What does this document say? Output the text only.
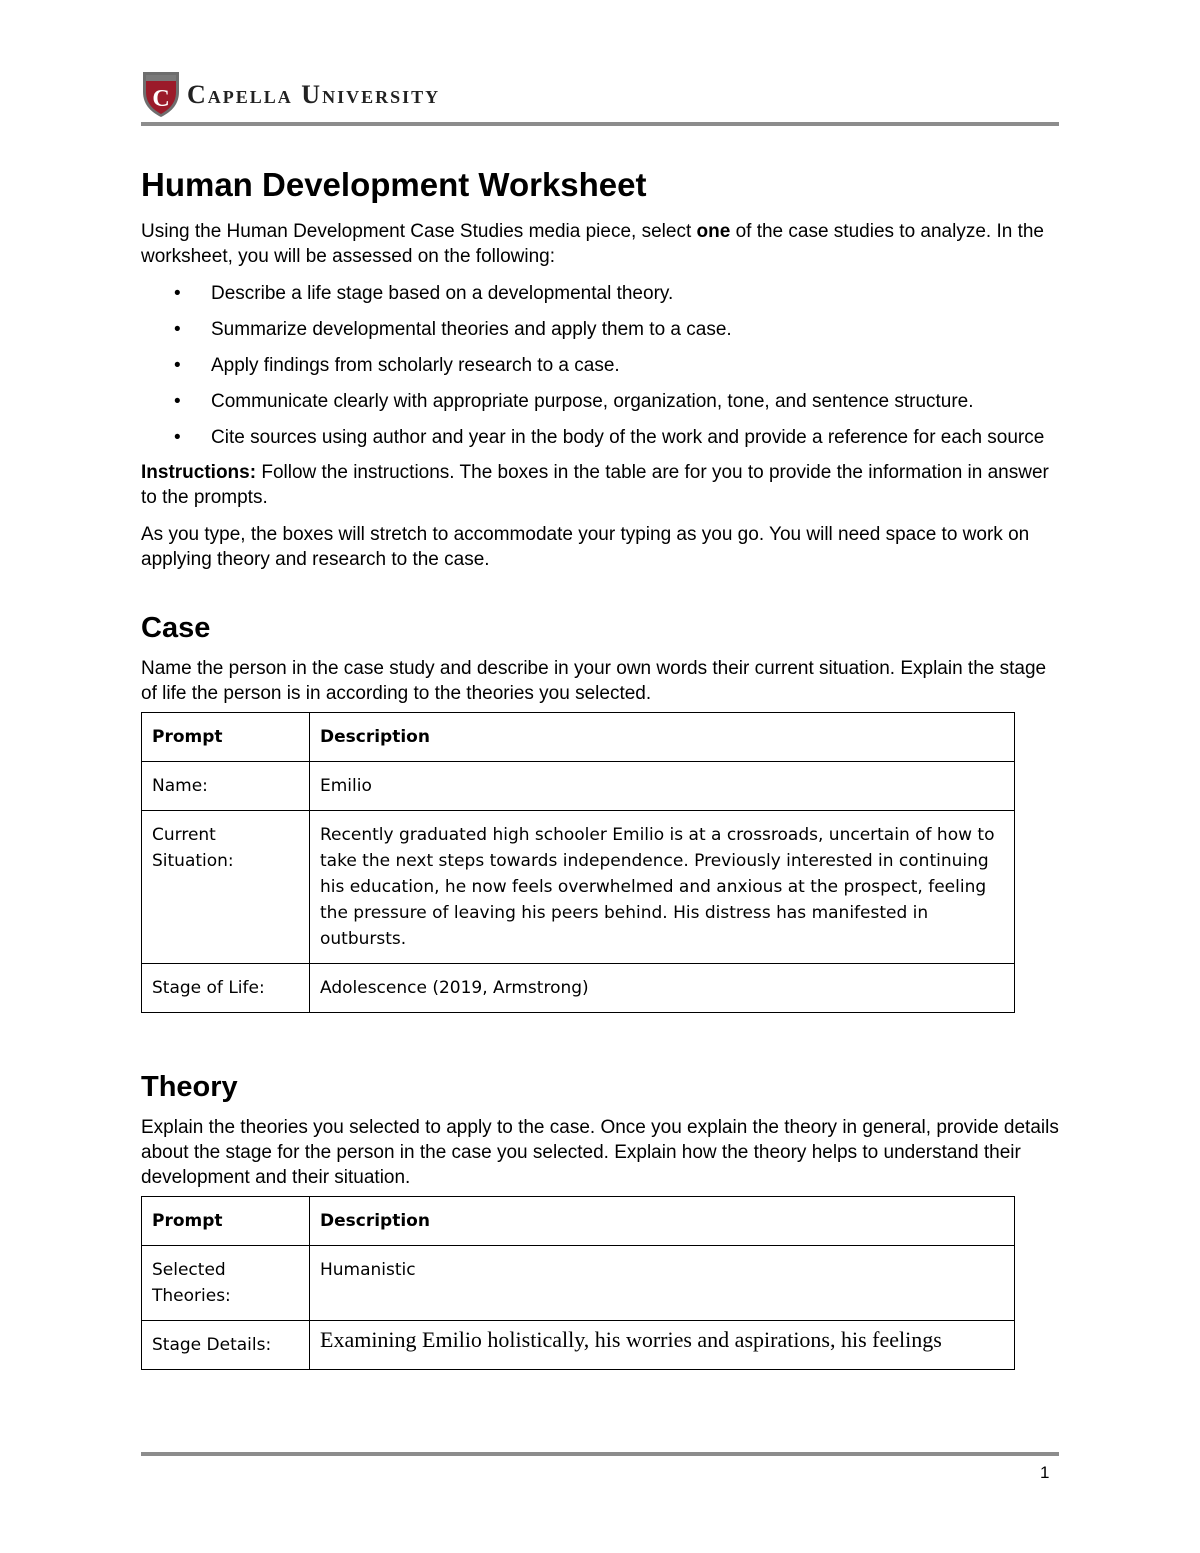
C Capella University
Human Development Worksheet

Using the Human Development Case Studies media piece, select one of the case studies to analyze. In the worksheet, you will be assessed on the following:

• Describe a life stage based on a developmental theory.
• Summarize developmental theories and apply them to a case.
• Apply findings from scholarly research to a case.
• Communicate clearly with appropriate purpose, organization, tone, and sentence structure.
• Cite sources using author and year in the body of the work and provide a reference for each source

Instructions: Follow the instructions. The boxes in the table are for you to provide the information in answer to the prompts.

As you type, the boxes will stretch to accommodate your typing as you go. You will need space to work on applying theory and research to the case.

Case

Name the person in the case study and describe in your own words their current situation. Explain the stage of life the person is in according to the theories you selected.

Prompt	Description
Name:	Emilio
Current Situation:	Recently graduated high schooler Emilio is at a crossroads, uncertain of how to take the next steps towards independence. Previously interested in continuing his education, he now feels overwhelmed and anxious at the prospect, feeling the pressure of leaving his peers behind. His distress has manifested in outbursts.
Stage of Life:	Adolescence (2019, Armstrong)
Theory

Explain the theories you selected to apply to the case. Once you explain the theory in general, provide details about the stage for the person in the case you selected. Explain how the theory helps to understand their development and their situation.

Prompt	Description
Selected Theories:	Humanistic
Stage Details:	Examining Emilio holistically, his worries and aspirations, his feelings
1
